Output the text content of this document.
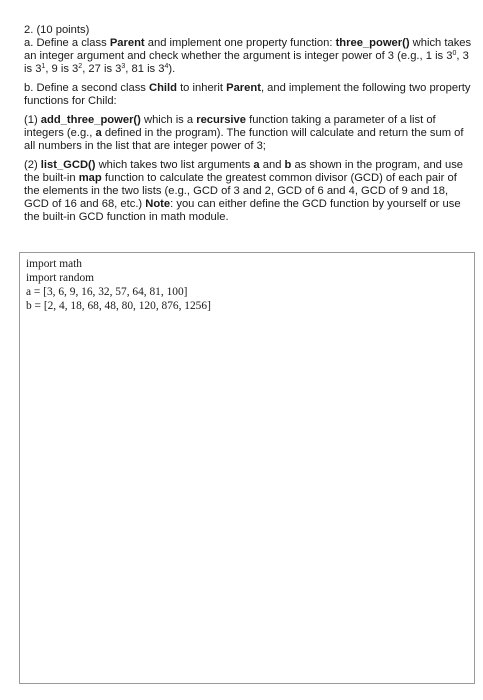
2. (10 points)

a. Define a class Parent and implement one property function: three_power() which takes an integer argument and check whether the argument is integer power of 3 (e.g., 1 is $3^0$, 3 is $3^1$, 9 is $3^2$, 27 is $3^3$, 81 is $3^4$).

b. Define a second class Child to inherit Parent, and implement the following two property functions for Child:

(1) add_three_power() which is a recursive function taking a parameter of a list of integers (e.g., a defined in the program). The function will calculate and return the sum of all numbers in the list that are integer power of 3;

(2) list_GCD() which takes two list arguments a and b as shown in the program, and use the built-in map function to calculate the greatest common divisor (GCD) of each pair of the elements in the two lists (e.g., GCD of 3 and 2, GCD of 6 and 4, GCD of 9 and 18, GCD of 16 and 68, etc.) Note: you can either define the GCD function by yourself or use the built-in GCD function in math module.

import math
import random
a = [3, 6, 9, 16, 32, 57, 64, 81, 100]
b = [2, 4, 18, 68, 48, 80, 120, 876, 1256]
